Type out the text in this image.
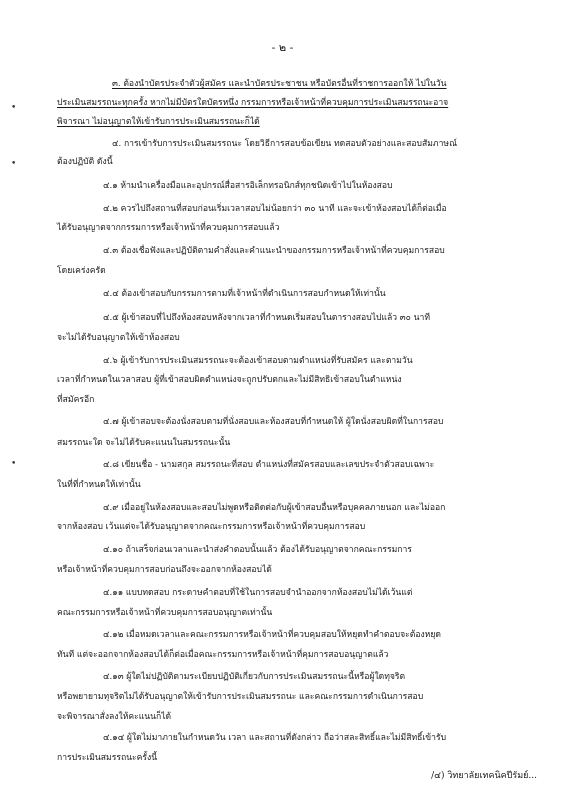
- ๒ -
•
•
•
๓. ต้องนำบัตรประจำตัวผู้สมัคร และนำบัตรประชาชน หรือบัตรอื่นที่ราชการออกให้ ไปในวัน
ประเมินสมรรถนะทุกครั้ง หากไม่มีบัตรใดบัตรหนึ่ง กรรมการหรือเจ้าหน้าที่ควบคุมการประเมินสมรรถนะอาจ
พิจารณา ไม่อนุญาตให้เข้ารับการประเมินสมรรถนะก็ได้
๔. การเข้ารับการประเมินสมรรถนะ โดยวิธีการสอบข้อเขียน ทดสอบตัวอย่างและสอบสัมภาษณ์
ต้องปฏิบัติ ดังนี้
๔.๑ ห้ามนำเครื่องมือและอุปกรณ์สื่อสารอิเล็กทรอนิกส์ทุกชนิดเข้าไปในห้องสอบ
๔.๒ ควรไปถึงสถานที่สอบก่อนเริ่มเวลาสอบไม่น้อยกว่า ๓๐ นาที และจะเข้าห้องสอบได้ก็ต่อเมื่อ
ได้รับอนุญาตจากกรรมการหรือเจ้าหน้าที่ควบคุมการสอบแล้ว
๔.๓ ต้องเชื่อฟังและปฏิบัติตามคำสั่งและคำแนะนำของกรรมการหรือเจ้าหน้าที่ควบคุมการสอบ
โดยเคร่งครัด
๔.๔ ต้องเข้าสอบกับกรรมการตามที่เจ้าหน้าที่ดำเนินการสอบกำหนดให้เท่านั้น
๔.๕ ผู้เข้าสอบที่ไปถึงห้องสอบหลังจากเวลาที่กำหนดเริ่มสอบในตารางสอบไปแล้ว ๓๐ นาที
จะไม่ได้รับอนุญาตให้เข้าห้องสอบ
๔.๖ ผู้เข้ารับการประเมินสมรรถนะจะต้องเข้าสอบตามตำแหน่งที่รับสมัคร และตามวัน
เวลาที่กำหนดในเวลาสอบ ผู้ที่เข้าสอบผิดตำแหน่งจะถูกปรับตกและไม่มีสิทธิเข้าสอบในตำแหน่ง
ที่สมัครอีก
๔.๗ ผู้เข้าสอบจะต้องนั่งสอบตามที่นั่งสอบและห้องสอบที่กำหนดให้ ผู้ใดนั่งสอบผิดที่ในการสอบ
สมรรถนะใด จะไม่ได้รับคะแนนในสมรรถนะนั้น
๔.๘ เขียนชื่อ - นามสกุล สมรรถนะที่สอบ ตำแหน่งที่สมัครสอบและเลขประจำตัวสอบเฉพาะ
ในที่ที่กำหนดให้เท่านั้น
๔.๙ เมื่ออยู่ในห้องสอบและสอบไม่พูดหรือติดต่อกับผู้เข้าสอบอื่นหรือบุคคลภายนอก และไม่ออก
จากห้องสอบ เว้นแต่จะได้รับอนุญาตจากคณะกรรมการหรือเจ้าหน้าที่ควบคุมการสอบ
๔.๑๐ ถ้าเสร็จก่อนเวลาและนำส่งคำตอบนั้นแล้ว ต้องได้รับอนุญาตจากคณะกรรมการ
หรือเจ้าหน้าที่ควบคุมการสอบก่อนถึงจะออกจากห้องสอบได้
๔.๑๑ แบบทดสอบ กระดาษคำตอบที่ใช้ในการสอบจำนำออกจากห้องสอบไม่ได้เว้นแต่
คณะกรรมการหรือเจ้าหน้าที่ควบคุมการสอบอนุญาตเท่านั้น
๔.๑๒ เมื่อหมดเวลาและคณะกรรมการหรือเจ้าหน้าที่ควบคุมสอบให้หยุดทำคำตอบจะต้องหยุด
ทันที แต่จะออกจากห้องสอบได้ก็ต่อเมื่อคณะกรรมการหรือเจ้าหน้าที่คุมการสอบอนุญาตแล้ว
๔.๑๓ ผู้ใดไม่ปฏิบัติตามระเบียบปฏิบัติเกี่ยวกับการประเมินสมรรถนะนี้หรือผู้ใดทุจริต
หรือพยายามทุจริตไม่ได้รับอนุญาตให้เข้ารับการประเมินสมรรถนะ และคณะกรรมการดำเนินการสอบ
จะพิจารณาสั่งลงให้คะแนนก็ได้
๔.๑๔ ผู้ใดไม่มาภายในกำหนดวัน เวลา และสถานที่ดังกล่าว ถือว่าสละสิทธิ์และไม่มีสิทธิ์เข้ารับ
การประเมินสมรรถนะครั้งนี้
/๔) วิทยาลัยเทคนิคปีรัมย์...
